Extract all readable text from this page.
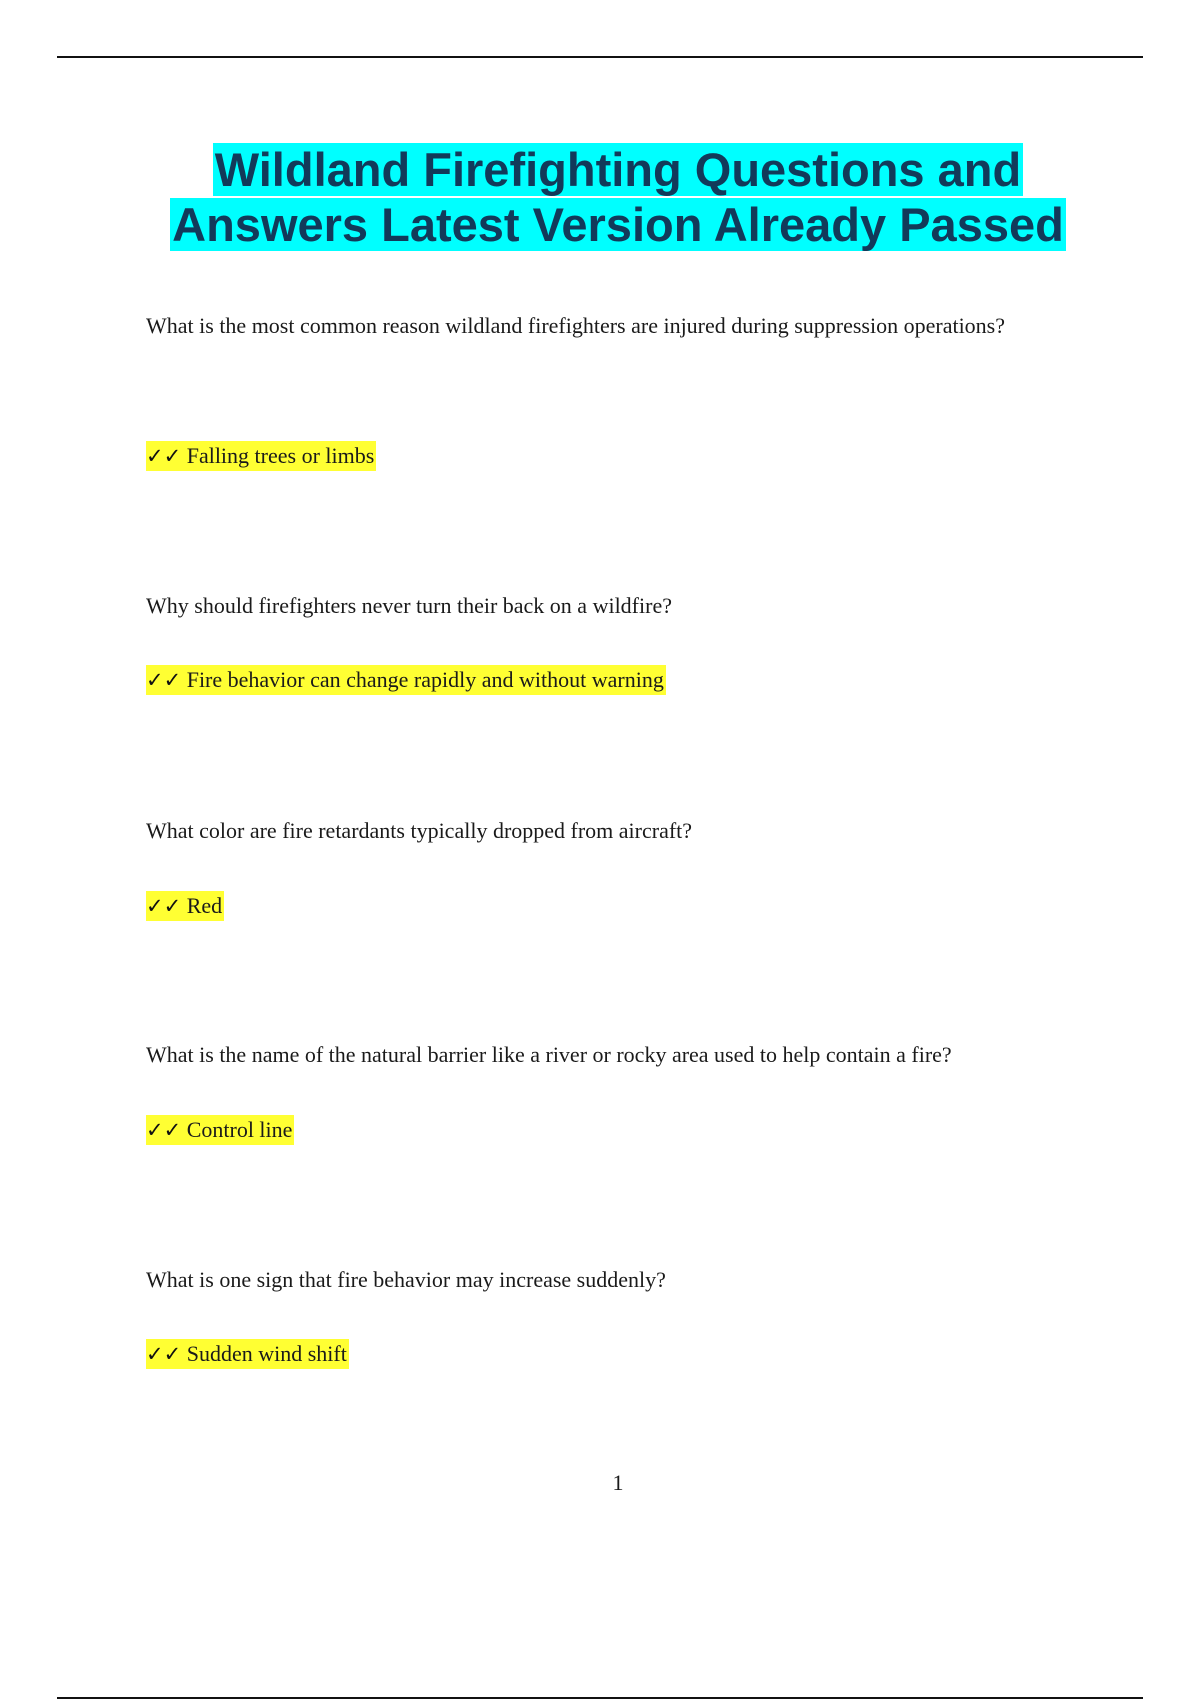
Wildland Firefighting Questions and
Answers Latest Version Already Passed
What is the most common reason wildland firefighters are injured during suppression operations?
✓✓ Falling trees or limbs
Why should firefighters never turn their back on a wildfire?
✓✓ Fire behavior can change rapidly and without warning
What color are fire retardants typically dropped from aircraft?
✓✓ Red
What is the name of the natural barrier like a river or rocky area used to help contain a fire?
✓✓ Control line
What is one sign that fire behavior may increase suddenly?
✓✓ Sudden wind shift
1
